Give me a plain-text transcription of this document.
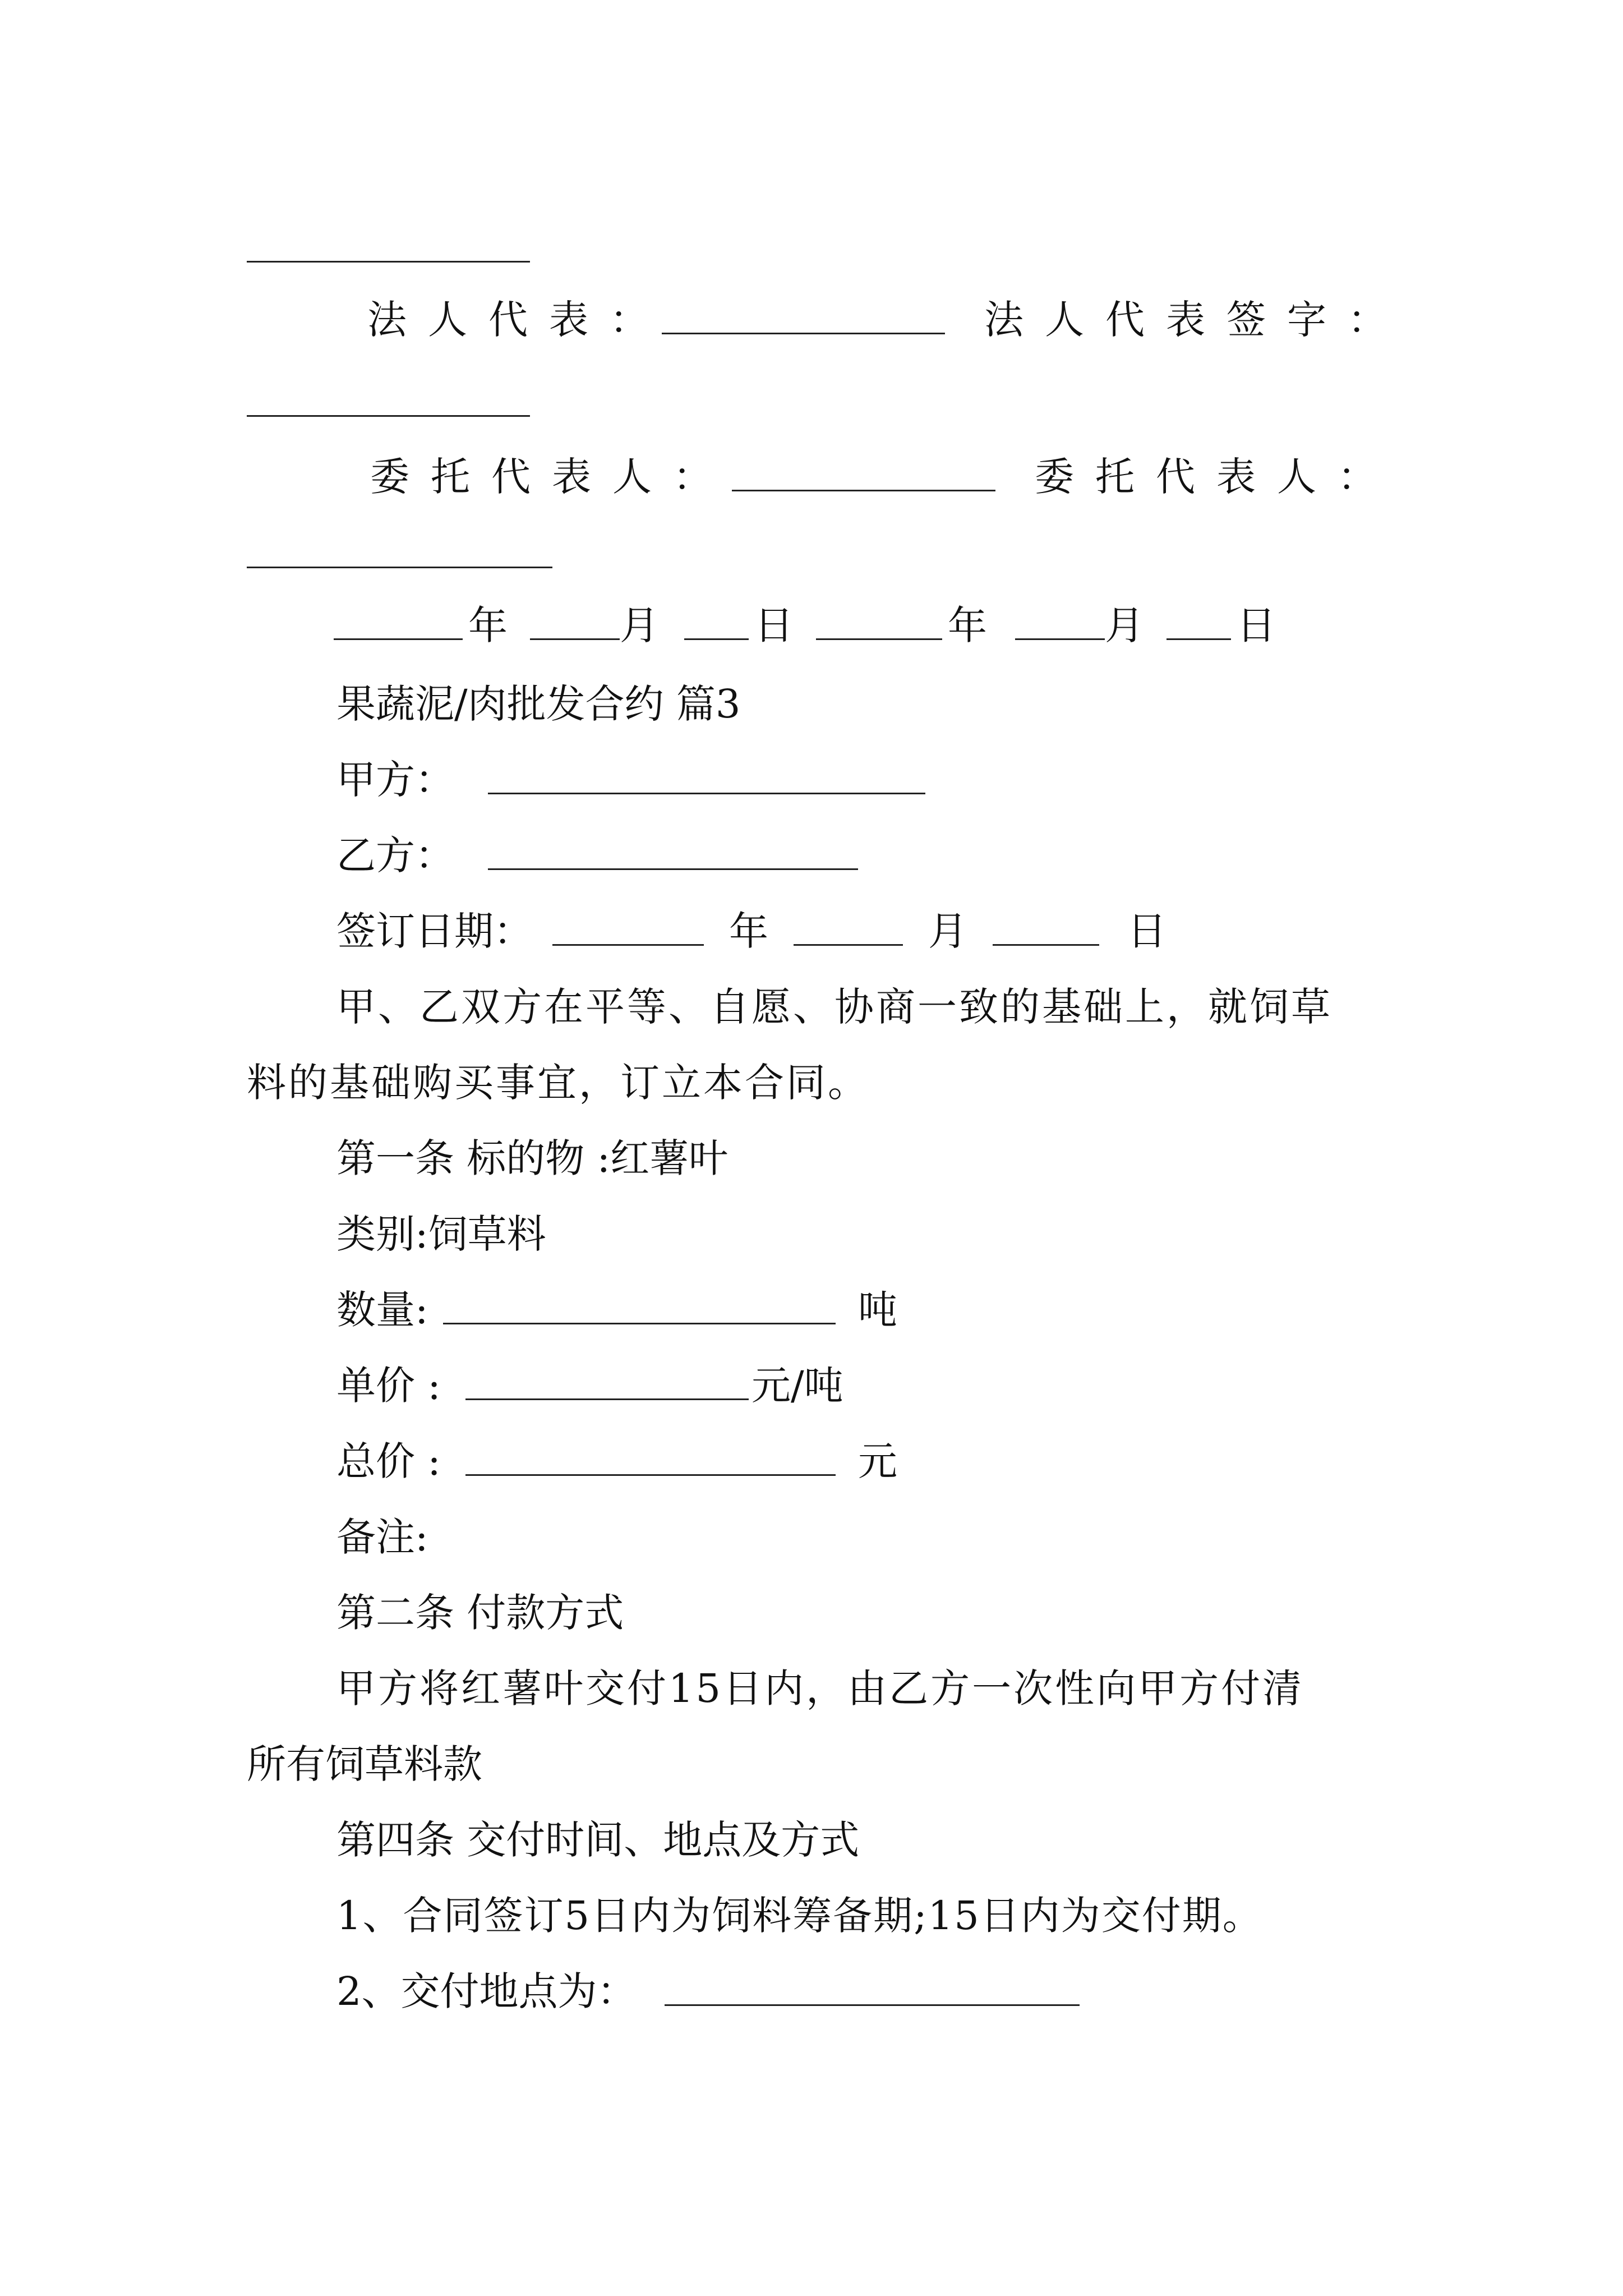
法人代表：	法人代表签字：
委托代表人：	委托代表人：
年	月 日	年	月 日
果蔬泥/肉批发合约 篇3
甲方：
乙方：
签订日期：	年	月	日
甲、乙双方在平等、自愿、协商一致的基础上，就饲草
料的基础购买事宜，订立本合同。
第一条 标的物 :红薯叶
类别:饲草料
数量:	吨
单价 :	元/吨
总价 :	元
备注:
第二条 付款方式
甲方将红薯叶交付15日内，由乙方一次性向甲方付清
所有饲草料款
第四条 交付时间、地点及方式
1、合同签订5日内为饲料筹备期;15日内为交付期。
2、交付地点为：
